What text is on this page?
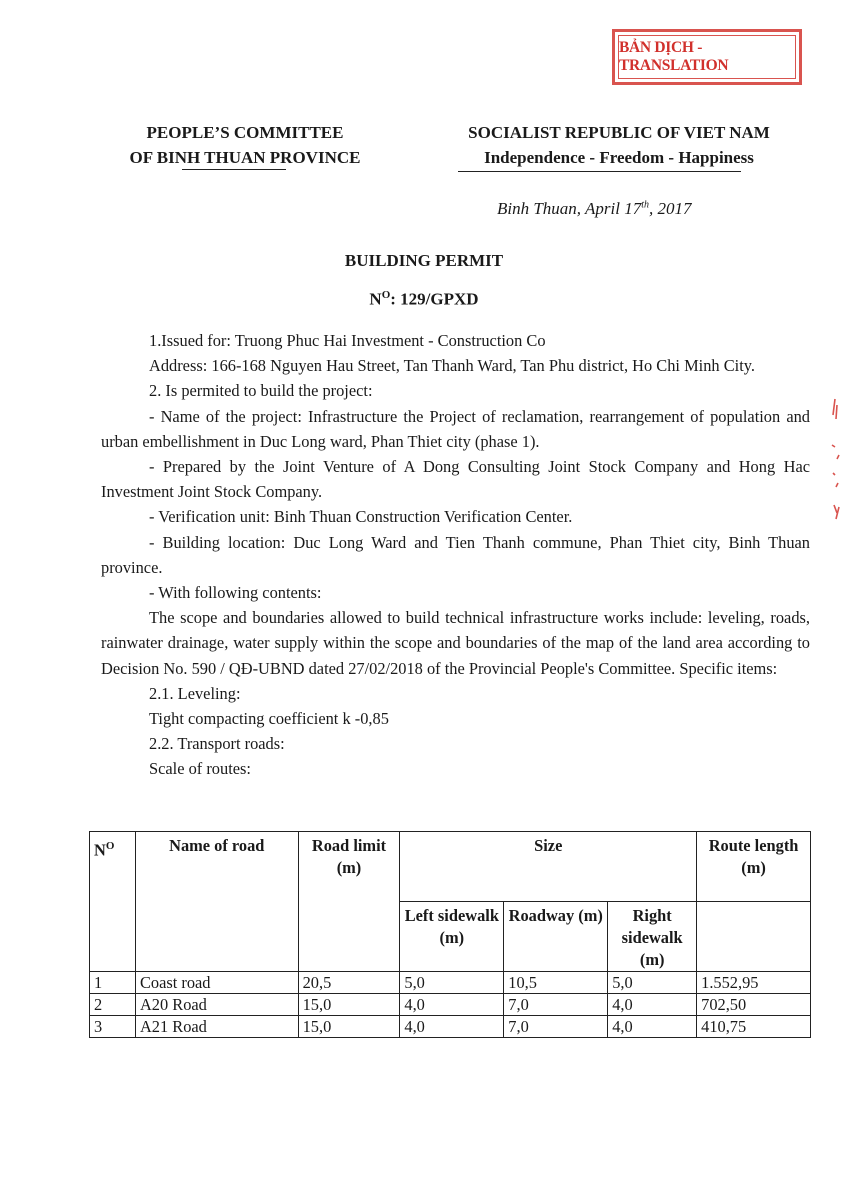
BẢN DỊCH - TRANSLATION
PEOPLE’S COMMITTEE
OF BINH THUAN PROVINCE
SOCIALIST REPUBLIC OF VIET NAM
Independence - Freedom - Happiness
Binh Thuan, April 17th, 2017
BUILDING PERMIT
$N^O$: 129/GPXD

1.Issued for: Truong Phuc Hai Investment - Construction Co

Address: 166-168 Nguyen Hau Street, Tan Thanh Ward, Tan Phu district, Ho Chi Minh City.

2. Is permited to build the project:

- Name of the project: Infrastructure the Project of reclamation, rearrangement of population and urban embellishment in Duc Long ward, Phan Thiet city (phase 1).

- Prepared by the Joint Venture of A Dong Consulting Joint Stock Company and Hong Hac Investment Joint Stock Company.

- Verification unit: Binh Thuan Construction Verification Center.

- Building location: Duc Long Ward and Tien Thanh commune, Phan Thiet city, Binh Thuan province.

- With following contents:

The scope and boundaries allowed to build technical infrastructure works include: leveling, roads, rainwater drainage, water supply within the scope and boundaries of the map of the land area according to Decision No. 590 / QĐ-UBND dated 27/02/2018 of the Provincial People's Committee. Specific items:

2.1. Leveling:

Tight compacting coefficient k -0,85

2.2. Transport roads:

Scale of routes:

$N^O$	Name of road	Road limit (m)	Size			Route length (m)
			Left sidewalk (m)	Roadway (m)	Right sidewalk (m)	
1	Coast road	20,5	5,0	10,5	5,0	1.552,95
2	A20 Road	15,0	4,0	7,0	4,0	702,50
3	A21 Road	15,0	4,0	7,0	4,0	410,75
